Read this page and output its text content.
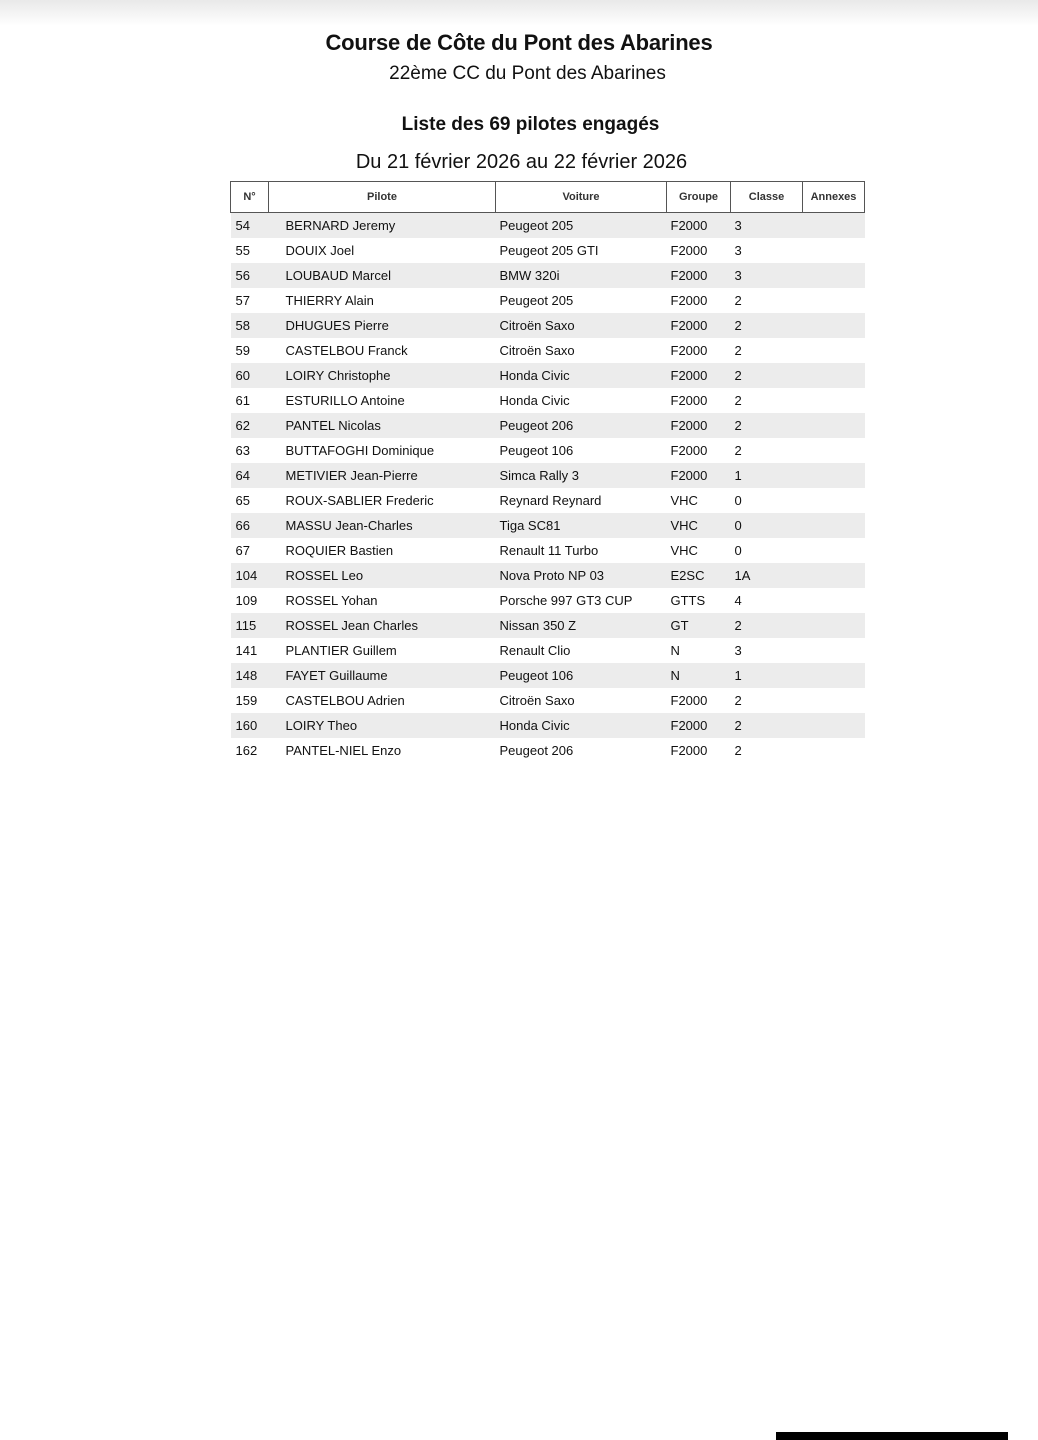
Course de Côte du Pont des Abarines
22ème CC du Pont des Abarines
Liste des 69 pilotes engagés
Du 21 février 2026 au 22 février 2026
N°	Pilote	Voiture	Groupe	Classe	Annexes
54	BERNARD Jeremy	Peugeot 205	F2000	3	
55	DOUIX Joel	Peugeot 205 GTI	F2000	3	
56	LOUBAUD Marcel	BMW 320i	F2000	3	
57	THIERRY Alain	Peugeot 205	F2000	2	
58	DHUGUES Pierre	Citroën Saxo	F2000	2	
59	CASTELBOU Franck	Citroën Saxo	F2000	2	
60	LOIRY Christophe	Honda Civic	F2000	2	
61	ESTURILLO Antoine	Honda Civic	F2000	2	
62	PANTEL Nicolas	Peugeot 206	F2000	2	
63	BUTTAFOGHI Dominique	Peugeot 106	F2000	2	
64	METIVIER Jean-Pierre	Simca Rally 3	F2000	1	
65	ROUX-SABLIER Frederic	Reynard Reynard	VHC	0	
66	MASSU Jean-Charles	Tiga SC81	VHC	0	
67	ROQUIER Bastien	Renault 11 Turbo	VHC	0	
104	ROSSEL Leo	Nova Proto NP 03	E2SC	1A	
109	ROSSEL Yohan	Porsche 997 GT3 CUP	GTTS	4	
115	ROSSEL Jean Charles	Nissan 350 Z	GT	2	
141	PLANTIER Guillem	Renault Clio	N	3	
148	FAYET Guillaume	Peugeot 106	N	1	
159	CASTELBOU Adrien	Citroën Saxo	F2000	2	
160	LOIRY Theo	Honda Civic	F2000	2	
162	PANTEL-NIEL Enzo	Peugeot 206	F2000	2	
